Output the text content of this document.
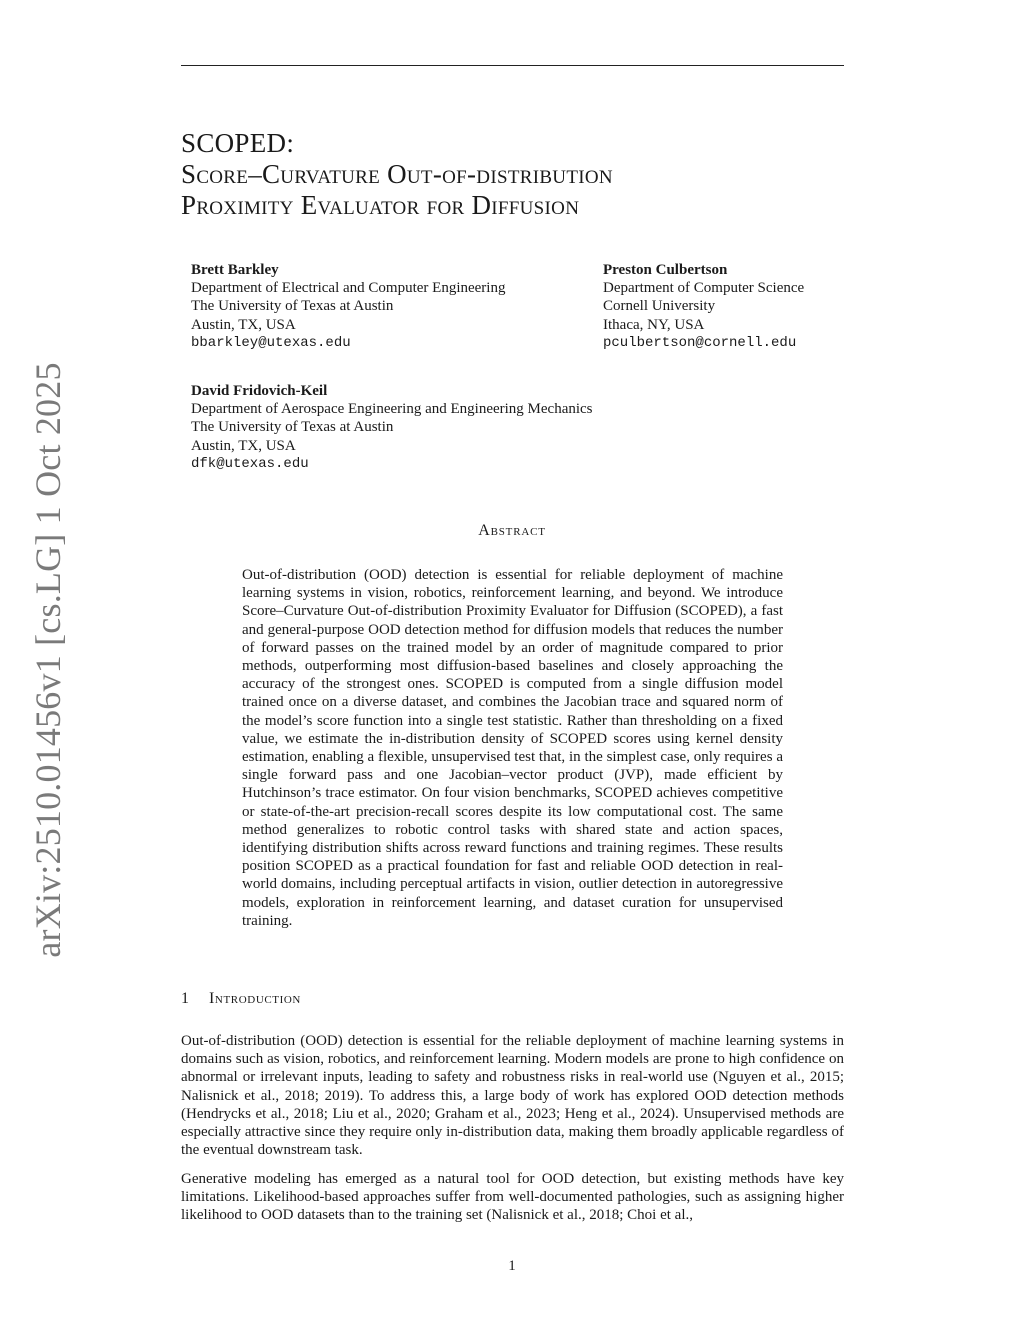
arXiv:2510.01456v1 [cs.LG] 1 Oct 2025
SCOPED:
Score–Curvature Out-of-distribution
Proximity Evaluator for Diffusion
Brett Barkley
Department of Electrical and Computer Engineering
The University of Texas at Austin
Austin, TX, USA
bbarkley@utexas.edu
Preston Culbertson
Department of Computer Science
Cornell University
Ithaca, NY, USA
pculbertson@cornell.edu
David Fridovich-Keil
Department of Aerospace Engineering and Engineering Mechanics
The University of Texas at Austin
Austin, TX, USA
dfk@utexas.edu
Abstract
Out-of-distribution (OOD) detection is essential for reliable deployment of machine learning systems in vision, robotics, reinforcement learning, and beyond. We introduce Score–Curvature Out-of-distribution Proximity Evaluator for Diffusion (SCOPED), a fast and general-purpose OOD detection method for diffusion models that reduces the number of forward passes on the trained model by an order of magnitude compared to prior methods, outperforming most diffusion-based baselines and closely approaching the accuracy of the strongest ones. SCOPED is computed from a single diffusion model trained once on a diverse dataset, and combines the Jacobian trace and squared norm of the model’s score function into a single test statistic. Rather than thresholding on a fixed value, we estimate the in-distribution density of SCOPED scores using kernel density estimation, enabling a flexible, unsupervised test that, in the simplest case, only requires a single forward pass and one Jacobian–vector product (JVP), made efficient by Hutchinson’s trace estimator. On four vision benchmarks, SCOPED achieves competitive or state-of-the-art precision-recall scores despite its low computational cost. The same method generalizes to robotic control tasks with shared state and action spaces, identifying distribution shifts across reward functions and training regimes. These results position SCOPED as a practical foundation for fast and reliable OOD detection in real-world domains, including perceptual artifacts in vision, outlier detection in autoregressive models, exploration in reinforcement learning, and dataset curation for unsupervised training.
1 Introduction
Out-of-distribution (OOD) detection is essential for the reliable deployment of machine learning systems in domains such as vision, robotics, and reinforcement learning. Modern models are prone to high confidence on abnormal or irrelevant inputs, leading to safety and robustness risks in real-world use (Nguyen et al., 2015; Nalisnick et al., 2018; 2019). To address this, a large body of work has explored OOD detection methods (Hendrycks et al., 2018; Liu et al., 2020; Graham et al., 2023; Heng et al., 2024). Unsupervised methods are especially attractive since they require only in-distribution data, making them broadly applicable regardless of the eventual downstream task.
Generative modeling has emerged as a natural tool for OOD detection, but existing methods have key limitations. Likelihood-based approaches suffer from well-documented pathologies, such as assigning higher likelihood to OOD datasets than to the training set (Nalisnick et al., 2018; Choi et al.,
1
